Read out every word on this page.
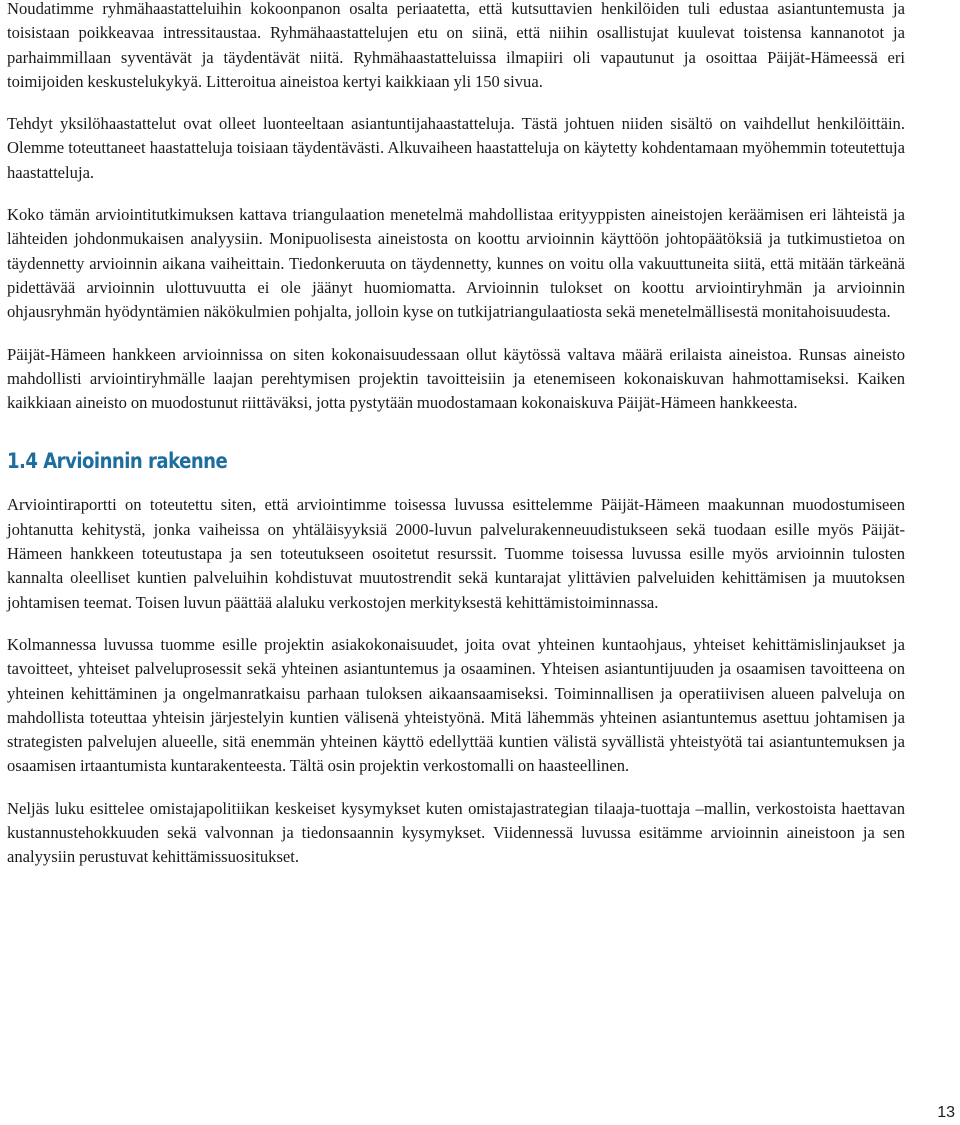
Noudatimme ryhmähaastatteluihin kokoonpanon osalta periaatetta, että kutsuttavien henkilöiden tuli edustaa asiantuntemusta ja toisistaan poikkeavaa intressitaustaa. Ryhmähaastattelujen etu on siinä, että niihin osallistujat kuulevat toistensa kannanotot ja parhaimmillaan syventävät ja täydentävät niitä. Ryhmähaastatteluissa ilmapiiri oli vapautunut ja osoittaa Päijät-Hämeessä eri toimijoiden keskustelukykyä. Litteroitua aineistoa kertyi kaikkiaan yli 150 sivua.

Tehdyt yksilöhaastattelut ovat olleet luonteeltaan asiantuntijahaastatteluja. Tästä johtuen niiden sisältö on vaihdellut henkilöittäin. Olemme toteuttaneet haastatteluja toisiaan täydentävästi. Alkuvaiheen haastatteluja on käytetty kohdentamaan myöhemmin toteutettuja haastatteluja.

Koko tämän arviointitutkimuksen kattava triangulaation menetelmä mahdollistaa erityyppisten aineistojen keräämisen eri lähteistä ja lähteiden johdonmukaisen analyysiin. Monipuolisesta aineistosta on koottu arvioinnin käyttöön johtopäätöksiä ja tutkimustietoa on täydennetty arvioinnin aikana vaiheittain. Tiedonkeruuta on täydennetty, kunnes on voitu olla vakuuttuneita siitä, että mitään tärkeänä pidettävää arvioinnin ulottuvuutta ei ole jäänyt huomiomatta. Arvioinnin tulokset on koottu arviointiryhmän ja arvioinnin ohjausryhmän hyödyntämien näkökulmien pohjalta, jolloin kyse on tutkijatriangulaatiosta sekä menetelmällisestä monitahoisuudesta.

Päijät-Hämeen hankkeen arvioinnissa on siten kokonaisuudessaan ollut käytössä valtava määrä erilaista aineistoa. Runsas aineisto mahdollisti arviointiryhmälle laajan perehtymisen projektin tavoitteisiin ja etenemiseen kokonaiskuvan hahmottamiseksi. Kaiken kaikkiaan aineisto on muodostunut riittäväksi, jotta pystytään muodostamaan kokonaiskuva Päijät-Hämeen hankkeesta.

1.4 Arvioinnin rakenne

Arviointiraportti on toteutettu siten, että arviointimme toisessa luvussa esittelemme Päijät-Hämeen maakunnan muodostumiseen johtanutta kehitystä, jonka vaiheissa on yhtäläisyyksiä 2000-luvun palvelurakenneuudistukseen sekä tuodaan esille myös Päijät-Hämeen hankkeen toteutustapa ja sen toteutukseen osoitetut resurssit. Tuomme toisessa luvussa esille myös arvioinnin tulosten kannalta oleelliset kuntien palveluihin kohdistuvat muutostrendit sekä kuntarajat ylittävien palveluiden kehittämisen ja muutoksen johtamisen teemat. Toisen luvun päättää alaluku verkostojen merkityksestä kehittämistoiminnassa.

Kolmannessa luvussa tuomme esille projektin asiakokonaisuudet, joita ovat yhteinen kuntaohjaus, yhteiset kehittämislinjaukset ja tavoitteet, yhteiset palveluprosessit sekä yhteinen asiantuntemus ja osaaminen. Yhteisen asiantuntijuuden ja osaamisen tavoitteena on yhteinen kehittäminen ja ongelmanratkaisu parhaan tuloksen aikaansaamiseksi. Toiminnallisen ja operatiivisen alueen palveluja on mahdollista toteuttaa yhteisin järjestelyin kuntien välisenä yhteistyönä. Mitä lähemmäs yhteinen asiantuntemus asettuu johtamisen ja strategisten palvelujen alueelle, sitä enemmän yhteinen käyttö edellyttää kuntien välistä syvällistä yhteistyötä tai asiantuntemuksen ja osaamisen irtaantumista kuntarakenteesta. Tältä osin projektin verkostomalli on haasteellinen.

Neljäs luku esittelee omistajapolitiikan keskeiset kysymykset kuten omistajastrategian tilaaja-tuottaja –mallin, verkostoista haettavan kustannustehokkuuden sekä valvonnan ja tiedonsaannin kysymykset. Viidennessä luvussa esitämme arvioinnin aineistoon ja sen analyysiin perustuvat kehittämissuositukset.

13
